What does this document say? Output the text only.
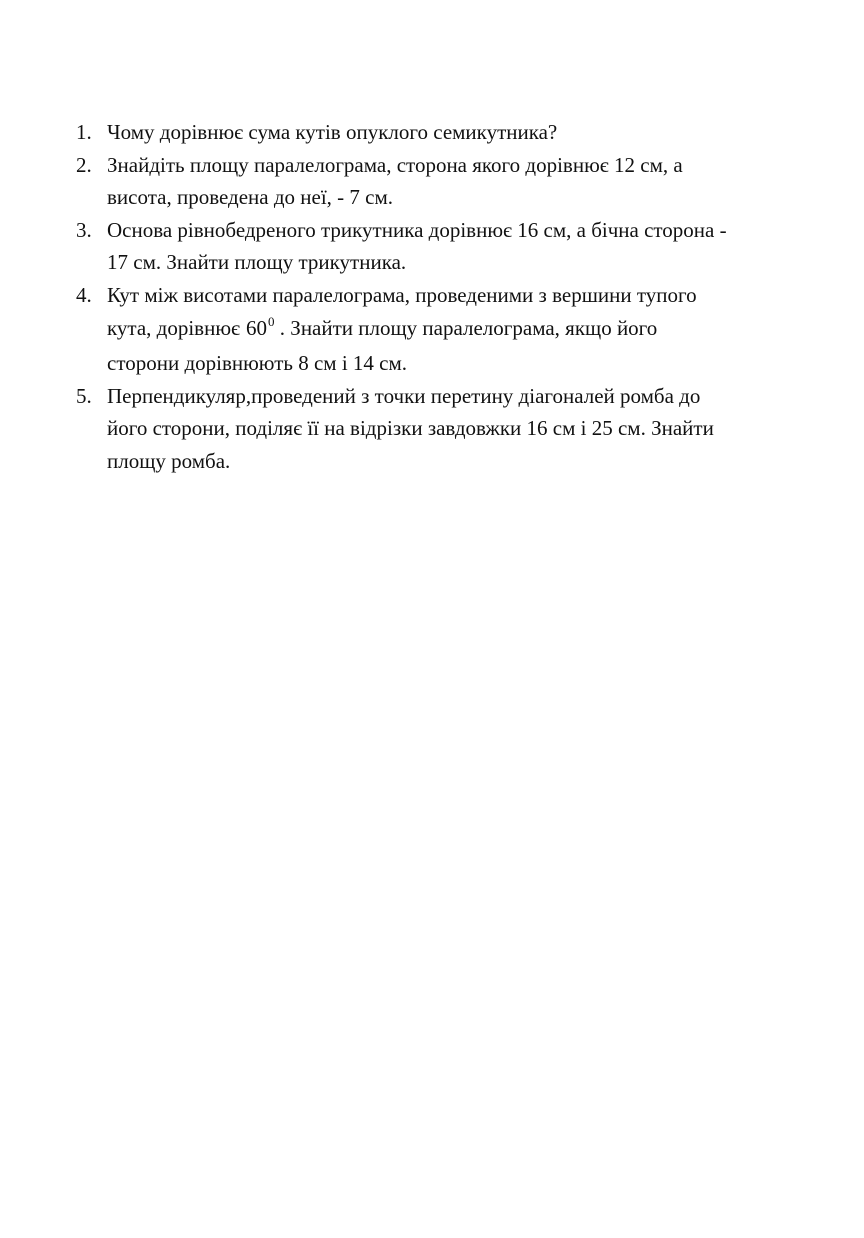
1. Чому дорівнює сума кутів опуклого семикутника?
2. Знайдіть площу паралелограма, сторона якого дорівнює 12 см, а
висота, проведена до неї, - 7 см.
3. Основа рівнобедреного трикутника дорівнює 16 см, а бічна сторона -
17 см. Знайти площу трикутника.
4. Кут між висотами паралелограма, проведеними з вершини тупого
кута, дорівнює $60^0$ . Знайти площу паралелограма, якщо його
сторони дорівнюють 8 см і 14 см.
5. Перпендикуляр,проведений з точки перетину діагоналей ромба до
його сторони, поділяє її на відрізки завдовжки 16 см і 25 см. Знайти
площу ромба.
